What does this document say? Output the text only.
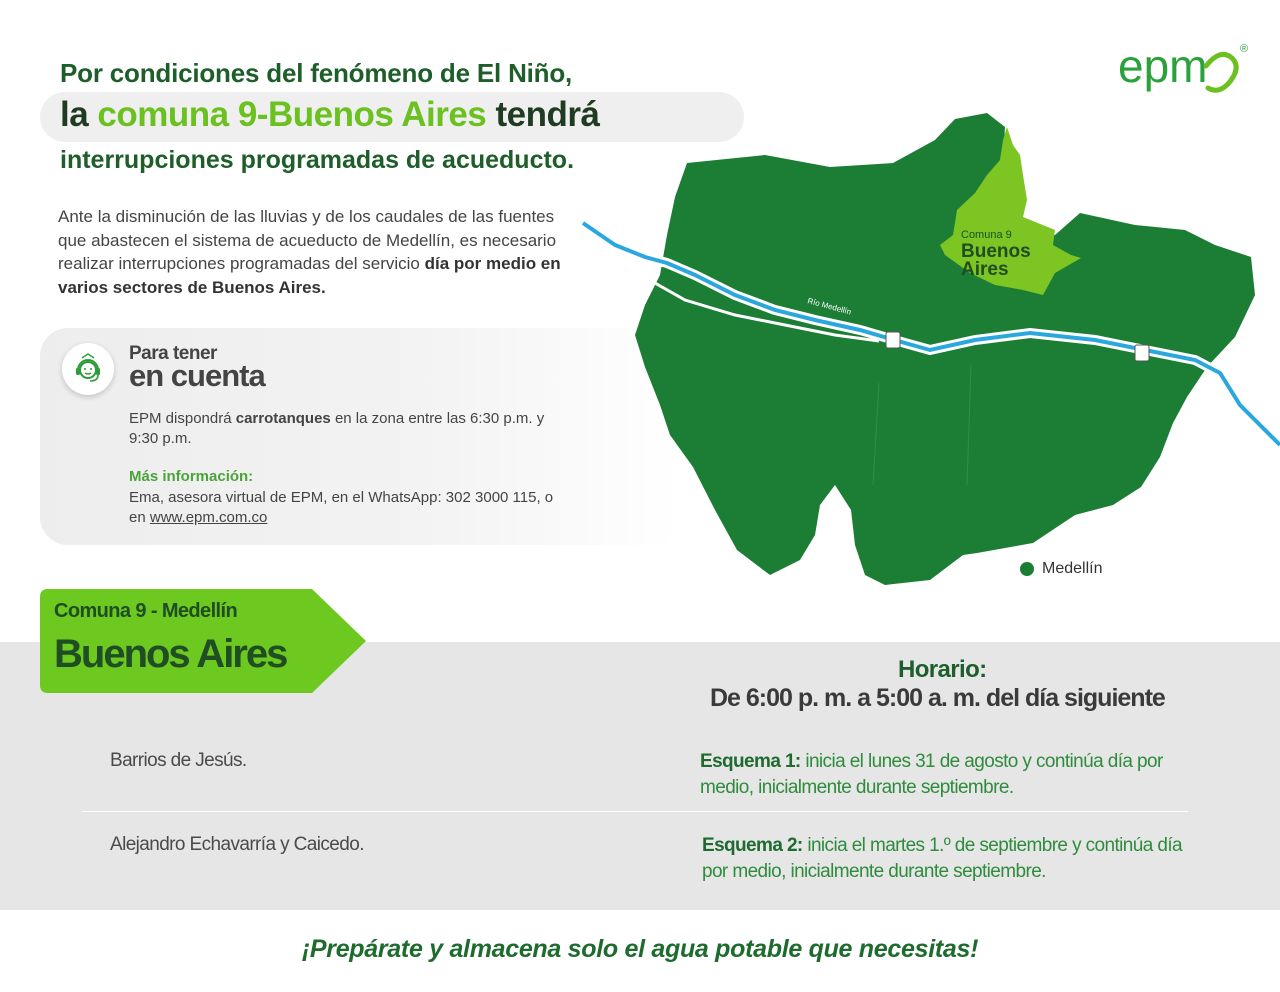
Por condiciones del fenómeno de El Niño,
la comuna 9-Buenos Aires tendrá
interrupciones programadas de acueducto.
Ante la disminución de las lluvias y de los caudales de las fuentes que abastecen el sistema de acueducto de Medellín, es necesario realizar interrupciones programadas del servicio día por medio en varios sectores de Buenos Aires.
Para tener
en cuenta
EPM dispondrá carrotanques en la zona entre las 6:30 p.m. y 9:30 p.m.
Más información:
Ema, asesora virtual de EPM, en el WhatsApp: 302 3000 115, o en www.epm.com.co
epm	®
Río Medellín
Comuna 9
Buenos
Aires
Medellín
Comuna 9 - Medellín
Buenos Aires	Horario:
De 6:00 p. m. a 5:00 a. m. del día siguiente
Barrios de Jesús.	Esquema 1: inicia el lunes 31 de agosto y continúa día por medio, inicialmente durante septiembre.
Alejandro Echavarría y Caicedo.	Esquema 2: inicia el martes 1.º de septiembre y continúa día por medio, inicialmente durante septiembre.
¡Prepárate y almacena solo el agua potable que necesitas!
